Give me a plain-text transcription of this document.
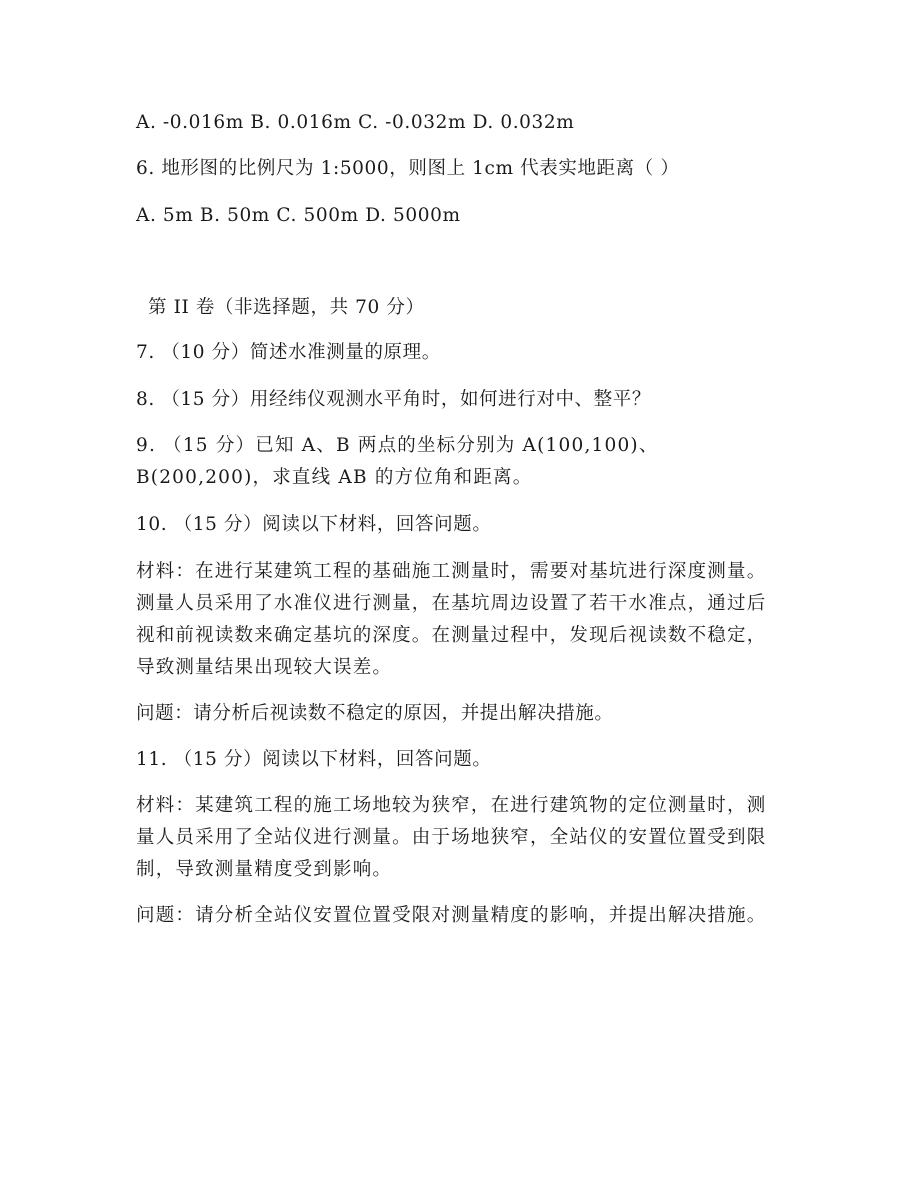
A. -0.016m B. 0.016m C. -0.032m D. 0.032m
6. 地形图的比例尺为 1:5000，则图上 1cm 代表实地距离（ ）
A. 5m B. 50m C. 500m D. 5000m
第 II 卷（非选择题，共 70 分）
7. （10 分）简述水准测量的原理。
8. （15 分）用经纬仪观测水平角时，如何进行对中、整平？
9. （15 分）已知 A、B 两点的坐标分别为 A(100,100)、B(200,200)，求直线 AB 的方位角和距离。
10. （15 分）阅读以下材料，回答问题。
材料：在进行某建筑工程的基础施工测量时，需要对基坑进行深度测量。测量人员采用了水准仪进行测量，在基坑周边设置了若干水准点，通过后视和前视读数来确定基坑的深度。在测量过程中，发现后视读数不稳定，导致测量结果出现较大误差。
问题：请分析后视读数不稳定的原因，并提出解决措施。
11. （15 分）阅读以下材料，回答问题。
材料：某建筑工程的施工场地较为狭窄，在进行建筑物的定位测量时，测量人员采用了全站仪进行测量。由于场地狭窄，全站仪的安置位置受到限制，导致测量精度受到影响。
问题：请分析全站仪安置位置受限对测量精度的影响，并提出解决措施。
